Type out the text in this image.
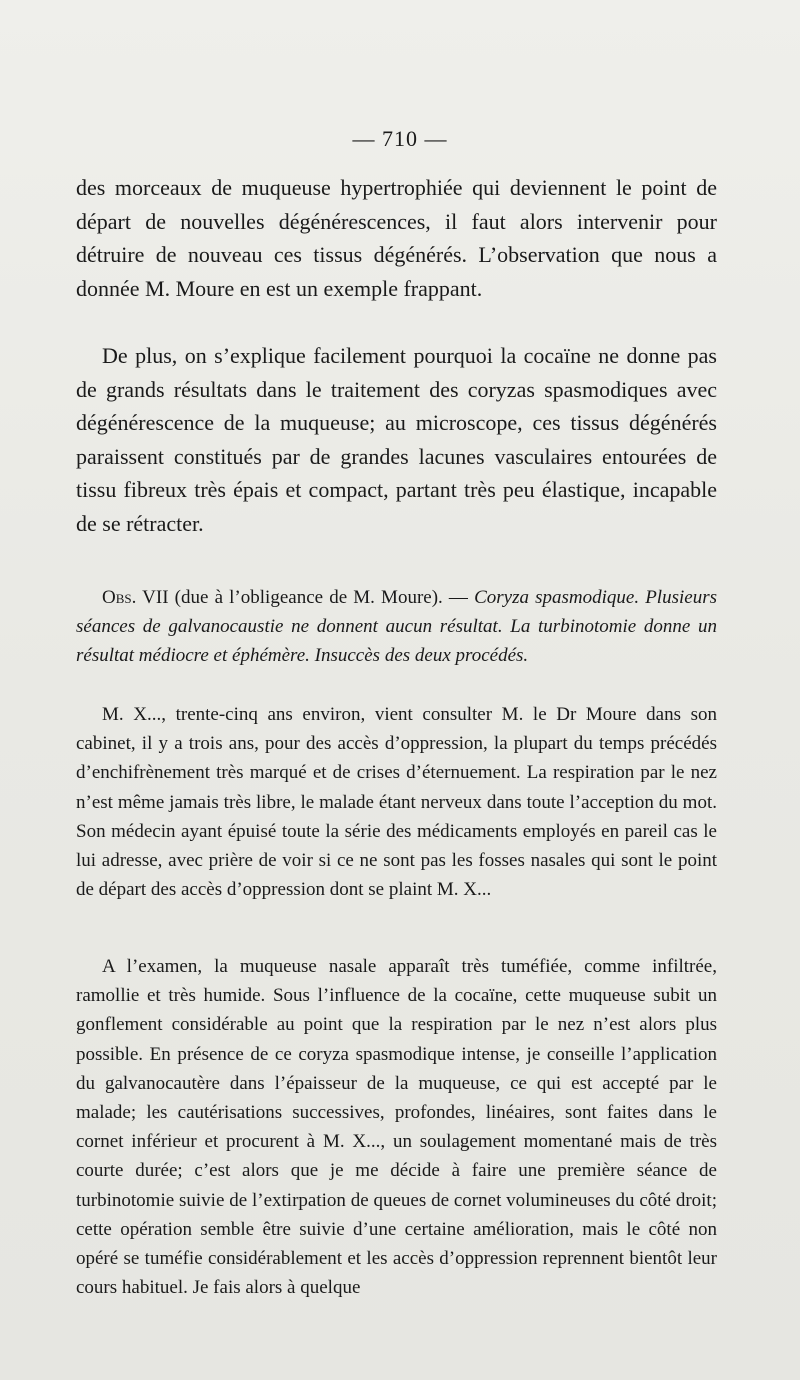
— 710 —

des morceaux de muqueuse hypertrophiée qui deviennent le point de départ de nouvelles dégénérescences, il faut alors intervenir pour détruire de nouveau ces tissus dégénérés. L’observation que nous a donnée M. Moure en est un exemple frappant.

De plus, on s’explique facilement pourquoi la cocaïne ne donne pas de grands résultats dans le traitement des coryzas spasmodiques avec dégénérescence de la muqueuse; au microscope, ces tissus dégénérés paraissent constitués par de grandes lacunes vasculaires entourées de tissu fibreux très épais et compact, partant très peu élastique, incapable de se rétracter.

Obs. VII (due à l’obligeance de M. Moure). — Coryza spasmodique. Plusieurs séances de galvanocaustie ne donnent aucun résultat. La turbinotomie donne un résultat médiocre et éphémère. Insuccès des deux procédés.

M. X..., trente-cinq ans environ, vient consulter M. le Dr Moure dans son cabinet, il y a trois ans, pour des accès d’oppression, la plupart du temps précédés d’enchifrènement très marqué et de crises d’éternuement. La respiration par le nez n’est même jamais très libre, le malade étant nerveux dans toute l’acception du mot. Son médecin ayant épuisé toute la série des médicaments employés en pareil cas le lui adresse, avec prière de voir si ce ne sont pas les fosses nasales qui sont le point de départ des accès d’oppression dont se plaint M. X...

A l’examen, la muqueuse nasale apparaît très tuméfiée, comme infiltrée, ramollie et très humide. Sous l’influence de la cocaïne, cette muqueuse subit un gonflement considérable au point que la respiration par le nez n’est alors plus possible. En présence de ce coryza spasmodique intense, je conseille l’application du galvanocautère dans l’épaisseur de la muqueuse, ce qui est accepté par le malade; les cautérisations successives, profondes, linéaires, sont faites dans le cornet inférieur et procurent à M. X..., un soulagement momentané mais de très courte durée; c’est alors que je me décide à faire une première séance de turbinotomie suivie de l’extirpation de queues de cornet volumineuses du côté droit; cette opération semble être suivie d’une certaine amélioration, mais le côté non opéré se tuméfie considérablement et les accès d’oppression reprennent bientôt leur cours habituel. Je fais alors à quelque
